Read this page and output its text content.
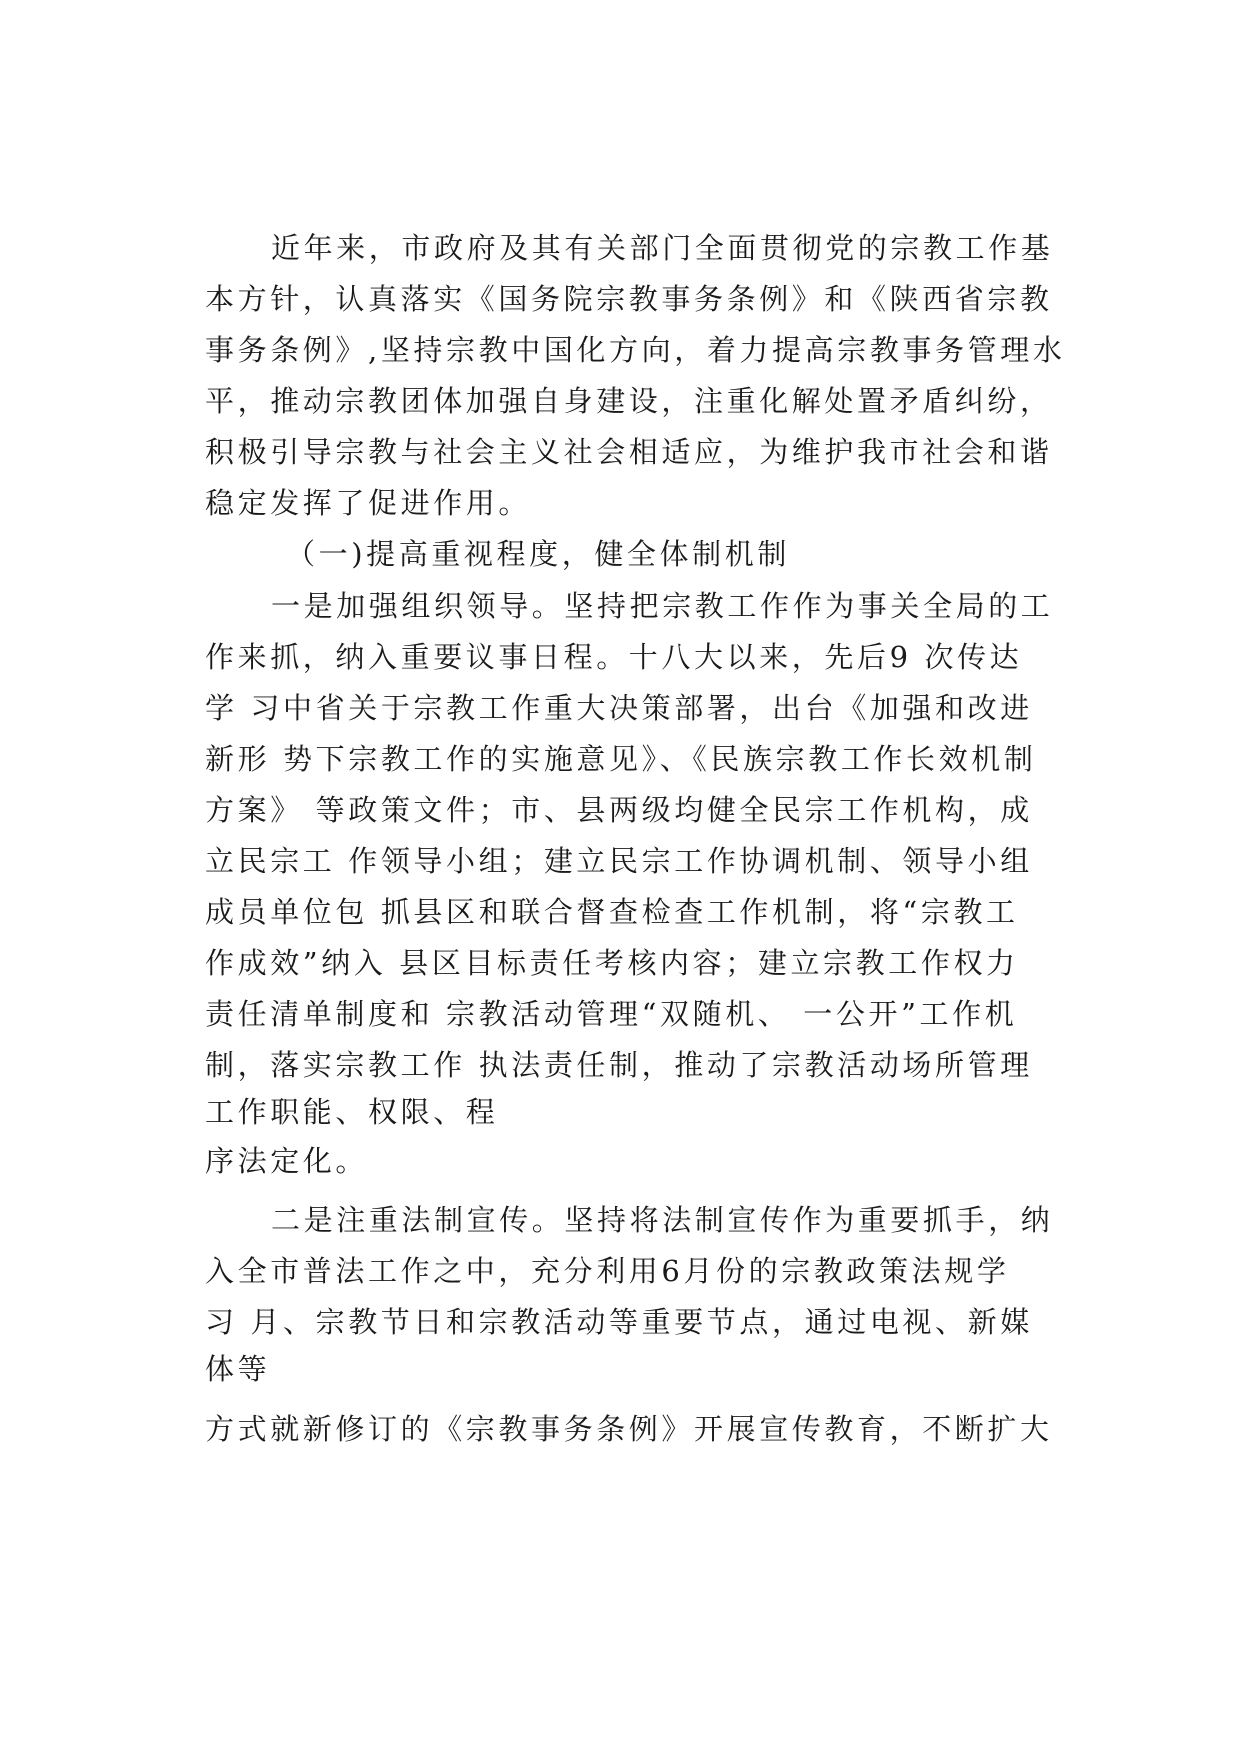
近年来，市政府及其有关部门全面贯彻党的宗教工作基
本方针，认真落实《国务院宗教事务条例》和《陕西省宗教
事务条例》,坚持宗教中国化方向，着力提高宗教事务管理水
平，推动宗教团体加强自身建设，注重化解处置矛盾纠纷，
积极引导宗教与社会主义社会相适应，为维护我市社会和谐
稳定发挥了促进作用。
（一)提高重视程度，健全体制机制
一是加强组织领导。坚持把宗教工作作为事关全局的工
作来抓，纳入重要议事日程。十八大以来，先后9 次传达
学 习中省关于宗教工作重大决策部署，出台《加强和改进
新形 势下宗教工作的实施意见》、《民族宗教工作长效机制
方案》 等政策文件；市、县两级均健全民宗工作机构，成
立民宗工 作领导小组；建立民宗工作协调机制、领导小组
成员单位包 抓县区和联合督查检查工作机制，将“宗教工
作成效”纳入 县区目标责任考核内容；建立宗教工作权力
责任清单制度和 宗教活动管理“双随机、 一公开”工作机
制，落实宗教工作 执法责任制，推动了宗教活动场所管理
工作职能、权限、程
序法定化。
二是注重法制宣传。坚持将法制宣传作为重要抓手，纳
入全市普法工作之中，充分利用6月份的宗教政策法规学
习 月、宗教节日和宗教活动等重要节点，通过电视、新媒
体等
方式就新修订的《宗教事务条例》开展宣传教育，不断扩大
